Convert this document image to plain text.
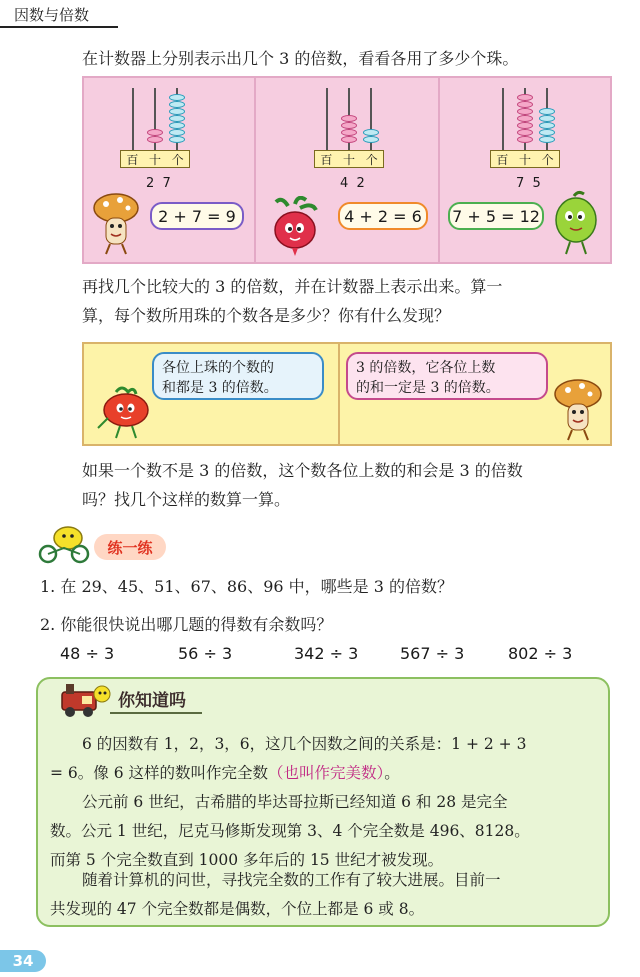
因数与倍数
在计数器上分别表示出几个 3 的倍数，看看各用了多少个珠。
百 十 个
2  7
2 + 7 = 9
百 十 个
4  2
4 + 2 = 6
百 十 个
7  5
7 + 5 = 12
再找几个比较大的 3 的倍数，并在计数器上表示出来。算一
算，每个数所用珠的个数各是多少？你有什么发现？
各位上珠的个数的
和都是 3 的倍数。
3 的倍数，它各位上数
的和一定是 3 的倍数。
如果一个数不是 3 的倍数，这个数各位上数的和会是 3 的倍数
吗？找几个这样的数算一算。
练一练
1. 在 29、45、51、67、86、96 中，哪些是 3 的倍数？
2. 你能很快说出哪几题的得数有余数吗？
48 ÷ 3	56 ÷ 3	342 ÷ 3	567 ÷ 3	802 ÷ 3
你知道吗
6 的因数有 1，2，3，6，这几个因数之间的关系是：1 + 2 + 3
= 6。像 6 这样的数叫作完全数（也叫作完美数）。
公元前 6 世纪，古希腊的毕达哥拉斯已经知道 6 和 28 是完全
数。公元 1 世纪，尼克马修斯发现第 3、4 个完全数是 496、8128。
而第 5 个完全数直到 1000 多年后的 15 世纪才被发现。
随着计算机的问世，寻找完全数的工作有了较大进展。目前一
共发现的 47 个完全数都是偶数，个位上都是 6 或 8。
34
